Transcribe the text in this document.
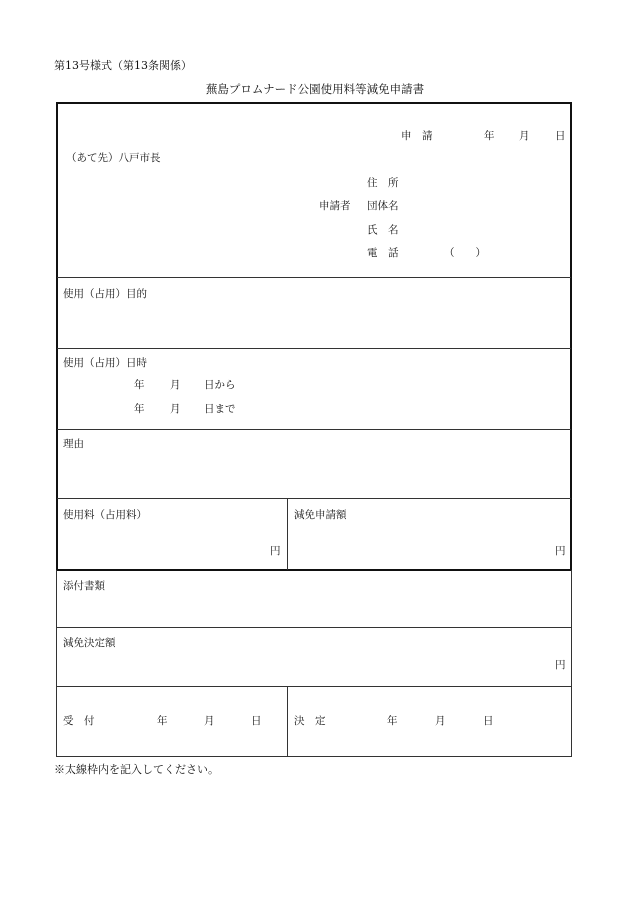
第13号様式（第13条関係）
蕪島プロムナード公園使用料等減免申請書
申　請	年 月 日
（あて先）八戸市長
住　所
申請者 団体名
氏　名
電　話	（　　）
使用（占用）目的
使用（占用）日時
年 月 日から
年 月 日まで
理由
使用料（占用料）
円
減免申請額
円
添付書類
減免決定額
円
受　付	年	月	日	決　定	年	月	日
※太線枠内を記入してください。
